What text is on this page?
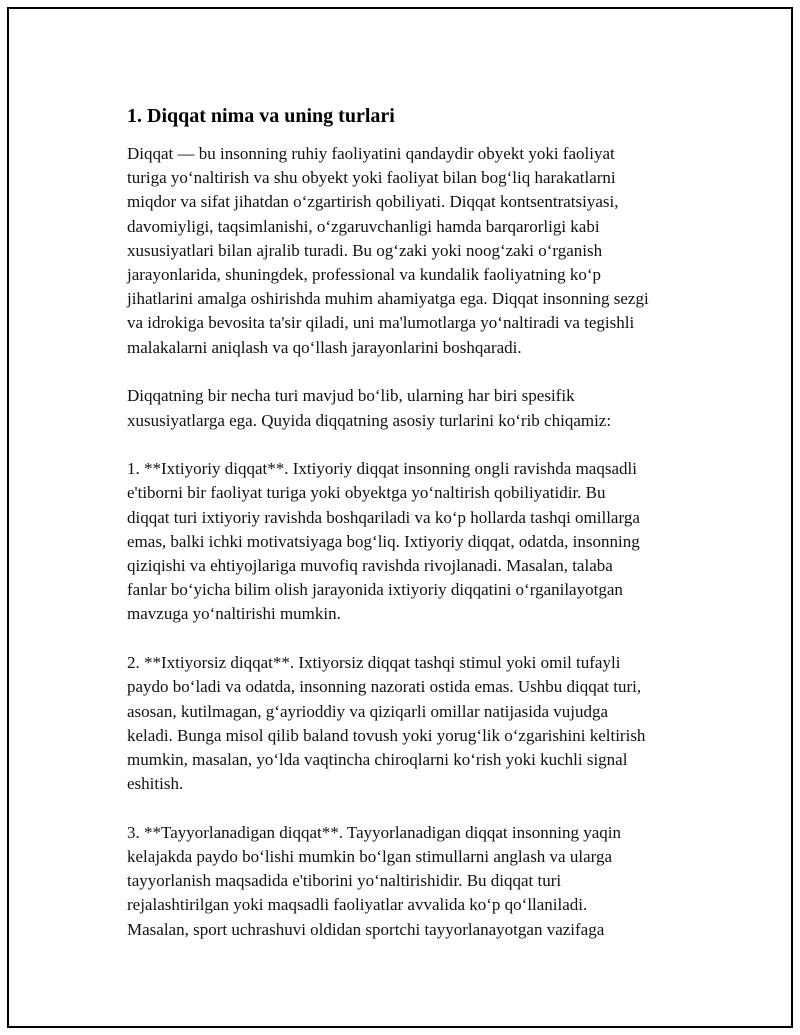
1. Diqqat nima va uning turlari

Diqqat — bu insonning ruhiy faoliyatini qandaydir obyekt yoki faoliyat
turiga yo‘naltirish va shu obyekt yoki faoliyat bilan bog‘liq harakatlarni
miqdor va sifat jihatdan o‘zgartirish qobiliyati. Diqqat kontsentratsiyasi,
davomiyligi, taqsimlanishi, o‘zgaruvchanligi hamda barqarorligi kabi
xususiyatlari bilan ajralib turadi. Bu og‘zaki yoki noog‘zaki o‘rganish
jarayonlarida, shuningdek, professional va kundalik faoliyatning ko‘p
jihatlarini amalga oshirishda muhim ahamiyatga ega. Diqqat insonning sezgi
va idrokiga bevosita ta'sir qiladi, uni ma'lumotlarga yo‘naltiradi va tegishli
malakalarni aniqlash va qo‘llash jarayonlarini boshqaradi.

Diqqatning bir necha turi mavjud bo‘lib, ularning har biri spesifik
xususiyatlarga ega. Quyida diqqatning asosiy turlarini ko‘rib chiqamiz:

1. **Ixtiyoriy diqqat**. Ixtiyoriy diqqat insonning ongli ravishda maqsadli
e'tiborni bir faoliyat turiga yoki obyektga yo‘naltirish qobiliyatidir. Bu
diqqat turi ixtiyoriy ravishda boshqariladi va ko‘p hollarda tashqi omillarga
emas, balki ichki motivatsiyaga bog‘liq. Ixtiyoriy diqqat, odatda, insonning
qiziqishi va ehtiyojlariga muvofiq ravishda rivojlanadi. Masalan, talaba
fanlar bo‘yicha bilim olish jarayonida ixtiyoriy diqqatini o‘rganilayotgan
mavzuga yo‘naltirishi mumkin.

2. **Ixtiyorsiz diqqat**. Ixtiyorsiz diqqat tashqi stimul yoki omil tufayli
paydo bo‘ladi va odatda, insonning nazorati ostida emas. Ushbu diqqat turi,
asosan, kutilmagan, g‘ayrioddiy va qiziqarli omillar natijasida vujudga
keladi. Bunga misol qilib baland tovush yoki yorug‘lik o‘zgarishini keltirish
mumkin, masalan, yo‘lda vaqtincha chiroqlarni ko‘rish yoki kuchli signal
eshitish.

3. **Tayyorlanadigan diqqat**. Tayyorlanadigan diqqat insonning yaqin
kelajakda paydo bo‘lishi mumkin bo‘lgan stimullarni anglash va ularga
tayyorlanish maqsadida e'tiborini yo‘naltirishidir. Bu diqqat turi
rejalashtirilgan yoki maqsadli faoliyatlar avvalida ko‘p qo‘llaniladi.
Masalan, sport uchrashuvi oldidan sportchi tayyorlanayotgan vazifaga
